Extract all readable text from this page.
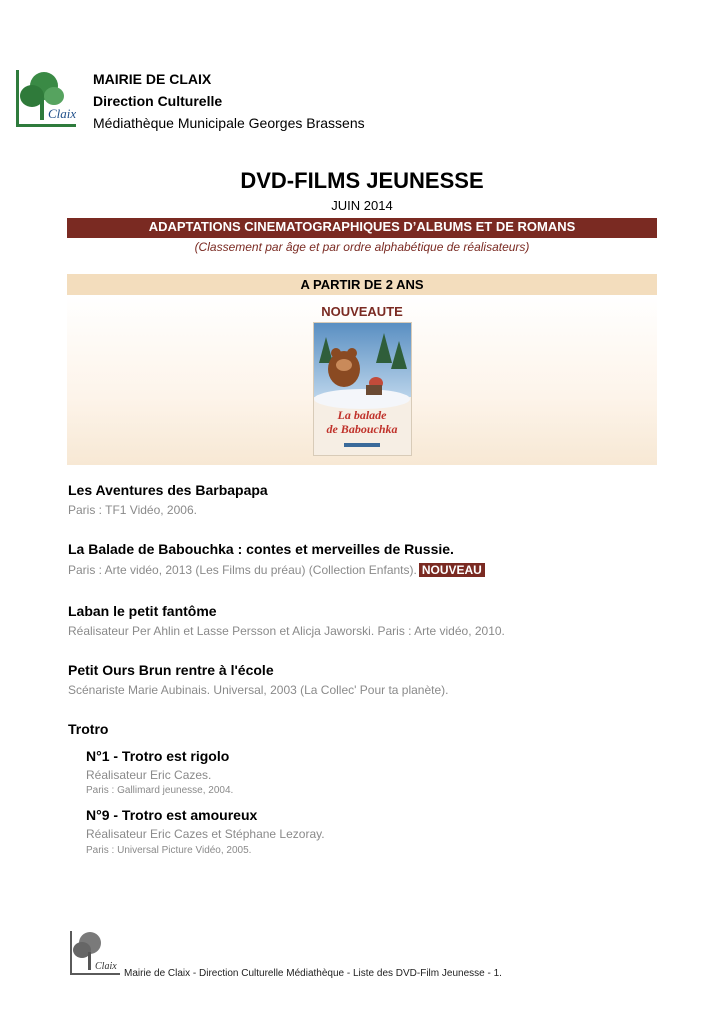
Claix
MAIRIE DE CLAIX
Direction Culturelle
Médiathèque Municipale Georges Brassens
DVD-FILMS JEUNESSE
JUIN 2014
ADAPTATIONS CINEMATOGRAPHIQUES D’ALBUMS ET DE ROMANS
(Classement par âge et par ordre alphabétique de réalisateurs)
A PARTIR DE 2 ANS
NOUVEAUTE
La balade
de Babouchka
Les Aventures des Barbapapa
Paris : TF1 Vidéo, 2006.
La Balade de Babouchka : contes et merveilles de Russie.
Paris : Arte vidéo, 2013 (Les Films du préau) (Collection Enfants). NOUVEAU
Laban le petit fantôme
Réalisateur Per Ahlin et Lasse Persson et Alicja Jaworski. Paris : Arte vidéo, 2010.
Petit Ours Brun rentre à l'école
Scénariste Marie Aubinais. Universal, 2003 (La Collec' Pour ta planète).
Trotro
N°1 - Trotro est rigolo
Réalisateur Eric Cazes.
Paris : Gallimard jeunesse, 2004.
N°9 - Trotro est amoureux
Réalisateur Eric Cazes et Stéphane Lezoray.
Paris : Universal Picture Vidéo, 2005.
Claix
Mairie de Claix - Direction Culturelle Médiathèque - Liste des DVD-Film Jeunesse - 1.
